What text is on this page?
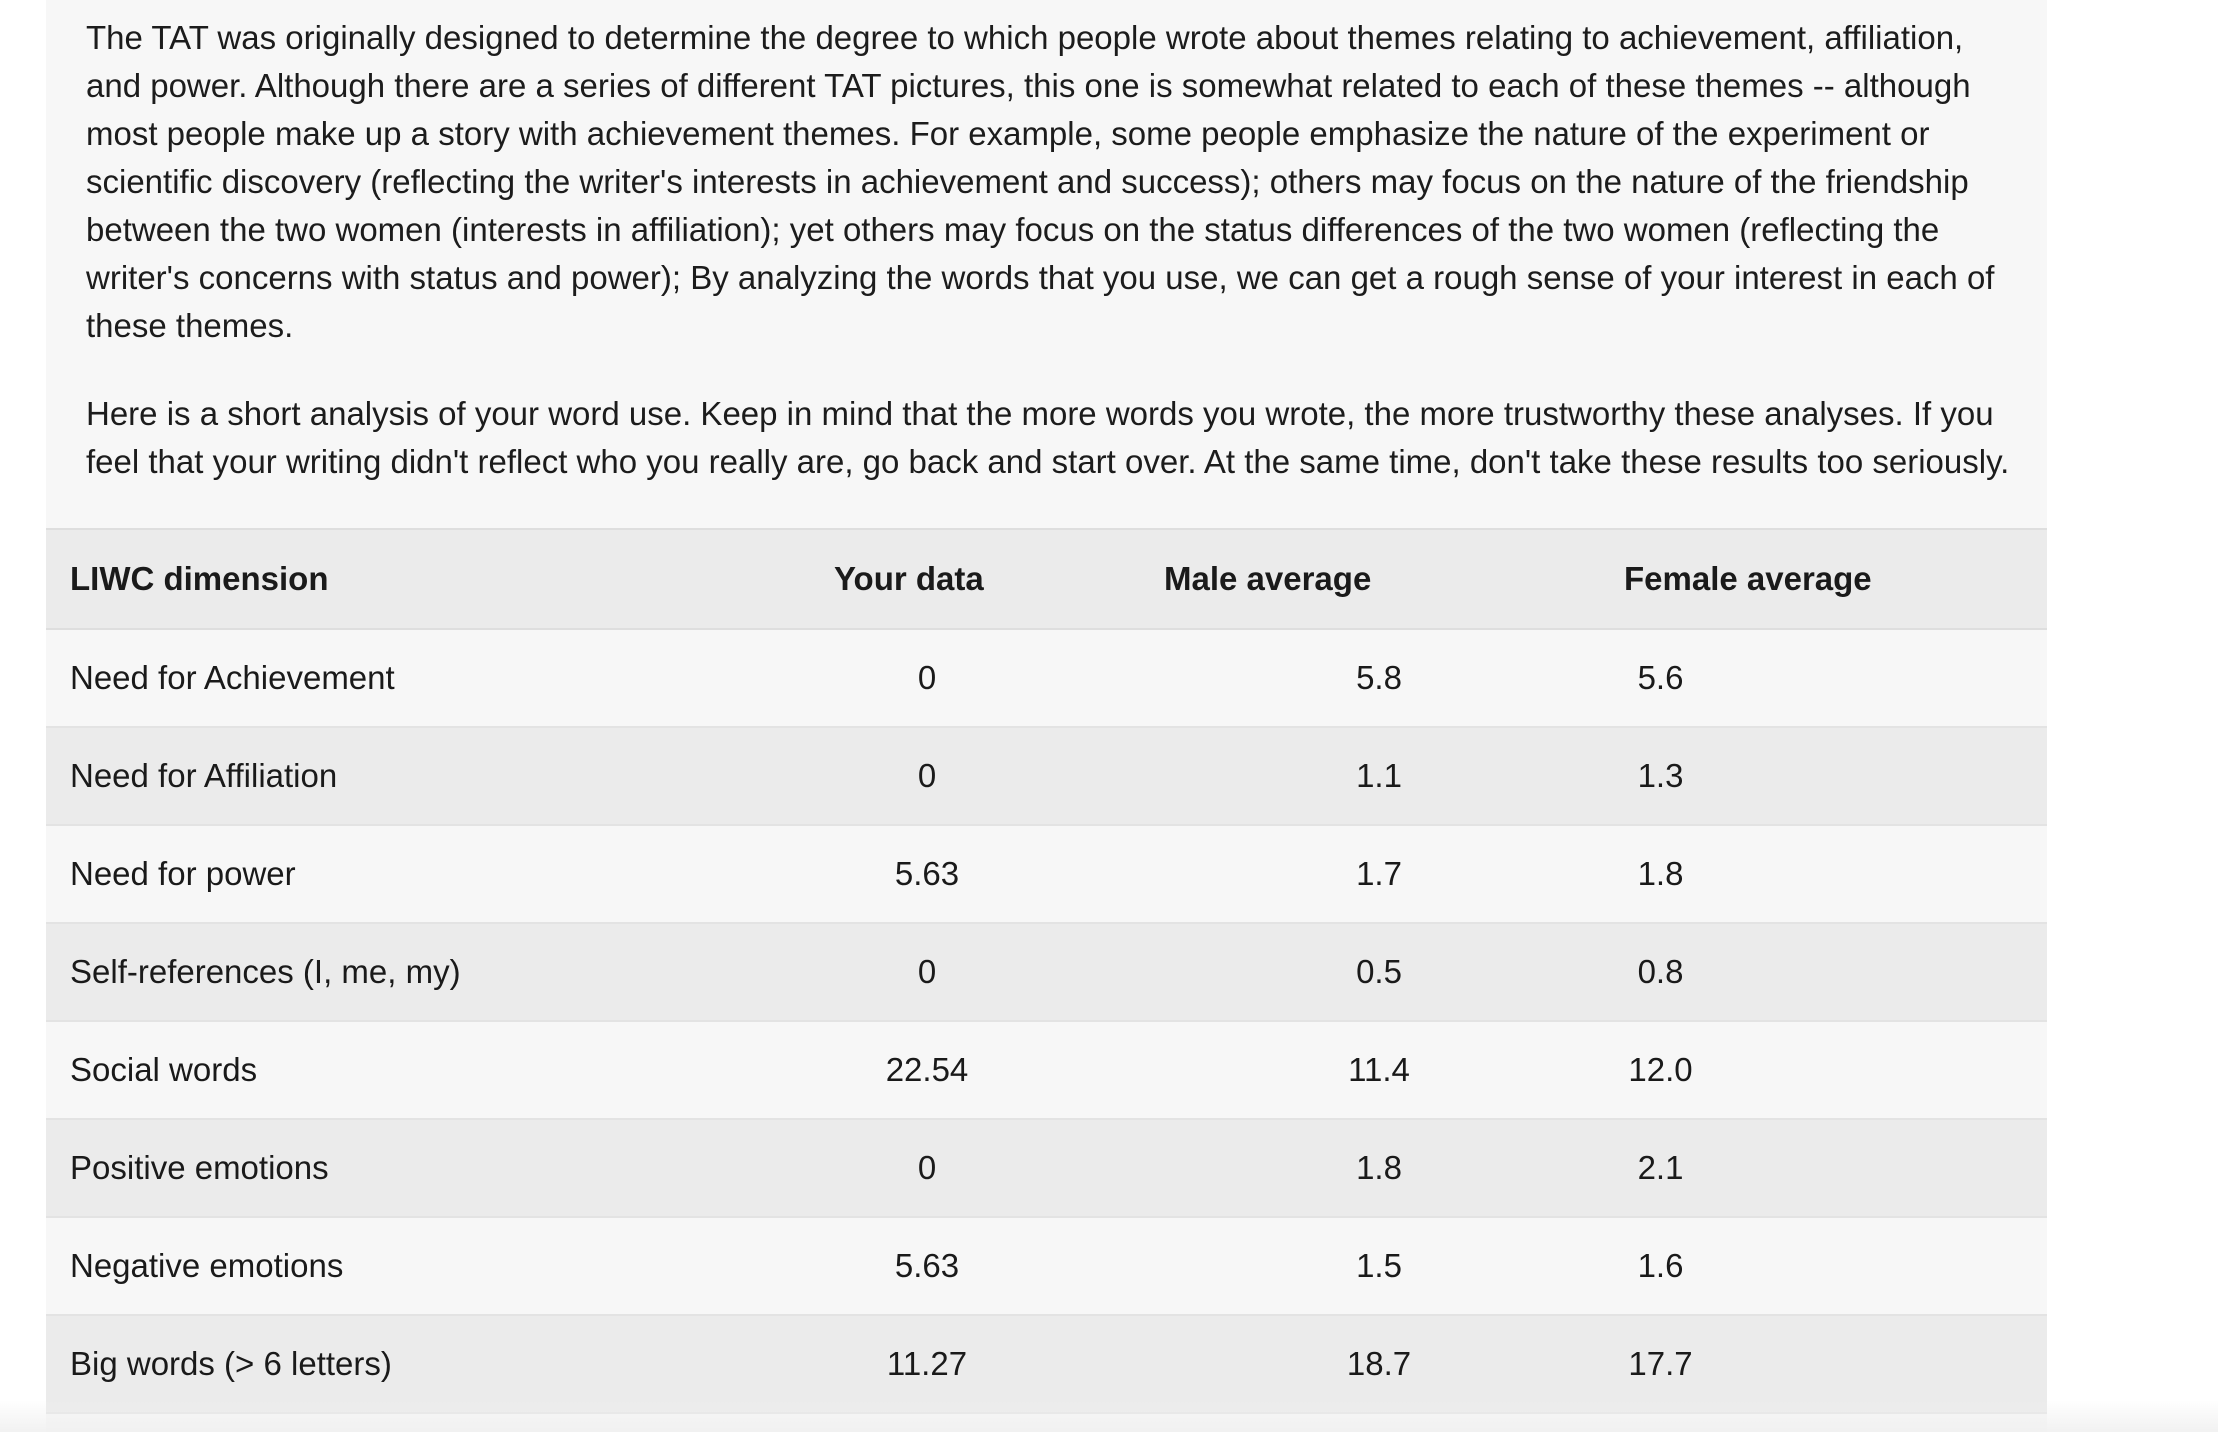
The TAT was originally designed to determine the degree to which people wrote about themes relating to achievement, affiliation, and power. Although there are a series of different TAT pictures, this one is somewhat related to each of these themes -- although most people make up a story with achievement themes. For example, some people emphasize the nature of the experiment or scientific discovery (reflecting the writer's interests in achievement and success); others may focus on the nature of the friendship between the two women (interests in affiliation); yet others may focus on the status differences of the two women (reflecting the writer's concerns with status and power); By analyzing the words that you use, we can get a rough sense of your interest in each of these themes.

Here is a short analysis of your word use. Keep in mind that the more words you wrote, the more trustworthy these analyses. If you feel that your writing didn't reflect who you really are, go back and start over. At the same time, don't take these results too seriously.

LIWC dimension	Your data	Male average	Female average
Need for Achievement	0	5.8	5.6
Need for Affiliation	0	1.1	1.3
Need for power	5.63	1.7	1.8
Self-references (I, me, my)	0	0.5	0.8
Social words	22.54	11.4	12.0
Positive emotions	0	1.8	2.1
Negative emotions	5.63	1.5	1.6
Big words (> 6 letters)	11.27	18.7	17.7
